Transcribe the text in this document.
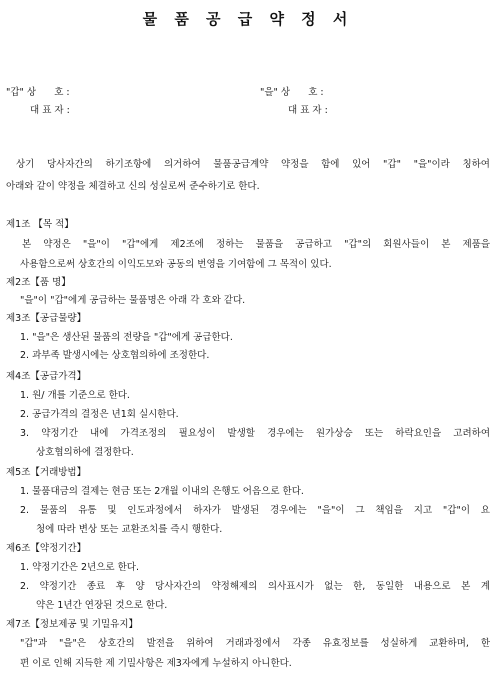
물 품 공 급 약 정 서
"갑" 상      호 :
대 표 자 :
"을" 상      호 :
대 표 자 :
상기 당사자간의 하기조항에 의거하여 물품공급계약 약정을 함에 있어 "갑" "을"이라 칭하여
아래와 같이 약정을 체결하고 신의 성실로써 준수하기로 한다.
제1조 【목 적】
본 약정은 "을"이 "갑"에게 제2조에 정하는 물품을 공급하고 "갑"의 회원사들이 본 제품을
사용함으로써 상호간의 이익도모와 공동의 번영을 기여함에 그 목적이 있다.
제2조【품 명】
"을"이 "갑"에게 공급하는 물품명은 아래 각 호와 같다.
제3조【공급물량】
1. "을"은 생산된 물품의 전량을 "갑"에게 공급한다.
2. 과부족 발생시에는 상호협의하에 조정한다.
제4조【공급가격】
1. 원/ 개를 기준으로 한다.
2. 공급가격의 결정은 년1회 실시한다.
3. 약정기간 내에 가격조정의 필요성이 발생할 경우에는 원가상승 또는 하락요인을 고려하여
상호협의하에 결정한다.
제5조【거래방법】
1. 물품대금의 결제는 현금 또는 2개월 이내의 은행도 어음으로 한다.
2. 물품의 유통 및 인도과정에서 하자가 발생된 경우에는 "을"이 그 책임을 지고 "갑"이 요
청에 따라 변상 또는 교환조치를 즉시 행한다.
제6조【약정기간】
1. 약정기간은 2년으로 한다.
2. 약정기간 종료 후 양 당사자간의 약정해제의 의사표시가 없는 한, 동일한 내용으로 본 계
약은 1년간 연장된 것으로 한다.
제7조【정보제공 및 기밀유지】
"갑"과 "을"은 상호간의 발전을 위하여 거래과정에서 각종 유효정보를 성실하게 교환하며, 한
편 이로 인해 지득한 제 기밀사항은 제3자에게 누설하지 아니한다.
